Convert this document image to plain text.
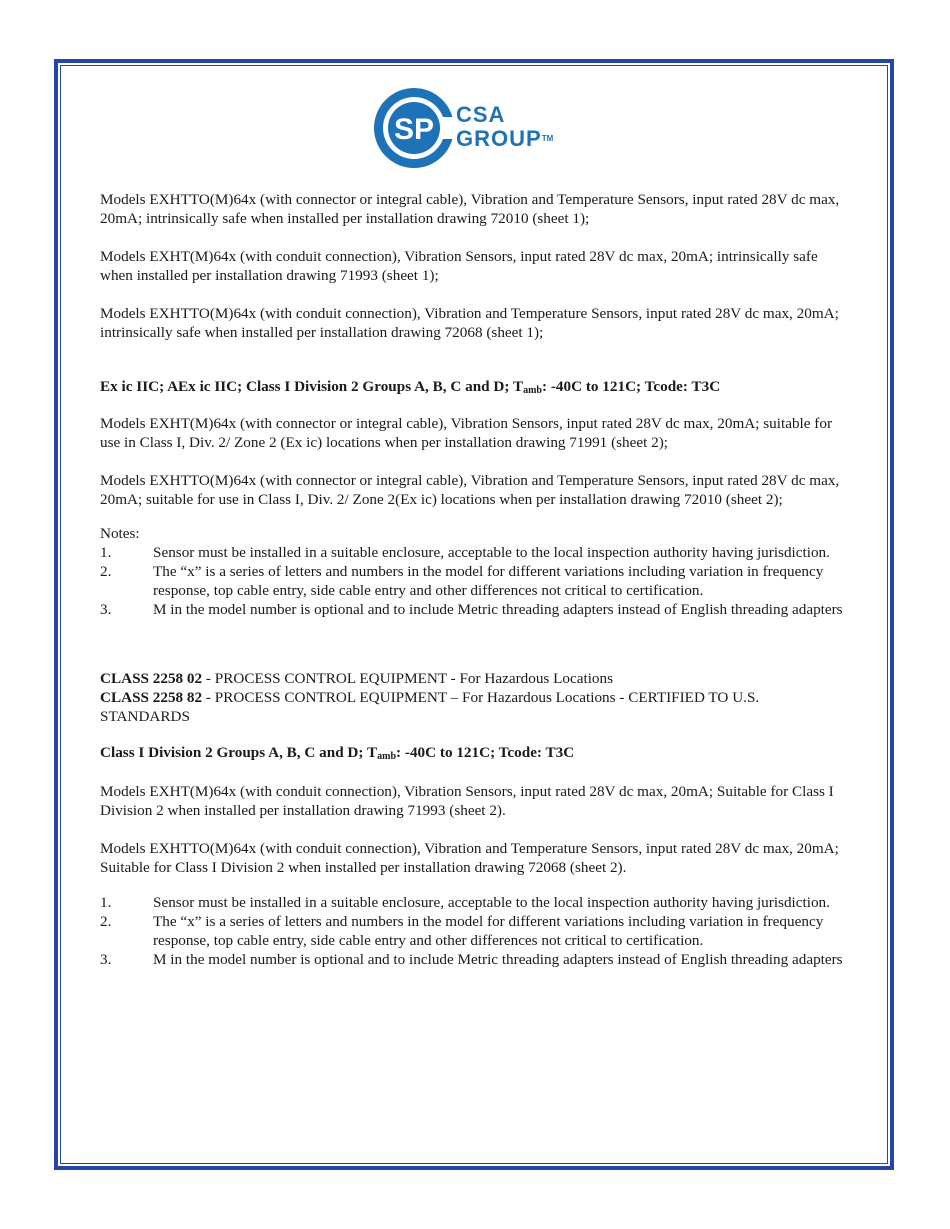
SP CSA
GROUP™

Models EXHTTO(M)64x (with connector or integral cable), Vibration and Temperature Sensors, input rated 28V dc max, 20mA; intrinsically safe when installed per installation drawing 72010 (sheet 1);

Models EXHT(M)64x (with conduit connection), Vibration Sensors, input rated 28V dc max, 20mA; intrinsically safe when installed per installation drawing 71993 (sheet 1);

Models EXHTTO(M)64x (with conduit connection), Vibration and Temperature Sensors, input rated 28V dc max, 20mA; intrinsically safe when installed per installation drawing 72068 (sheet 1);

Ex ic IIC; AEx ic IIC; Class I Division 2 Groups A, B, C and D; $T_{amb}$: -40C to 121C; Tcode: T3C

Models EXHT(M)64x (with connector or integral cable), Vibration Sensors, input rated 28V dc max, 20mA; suitable for use in Class I, Div. 2/ Zone 2 (Ex ic) locations when per installation drawing 71991 (sheet 2);

Models EXHTTO(M)64x (with connector or integral cable), Vibration and Temperature Sensors, input rated 28V dc max, 20mA; suitable for use in Class I, Div. 2/ Zone 2(Ex ic) locations when per installation drawing 72010 (sheet 2);

Notes:

1.	Sensor must be installed in a suitable enclosure, acceptable to the local inspection authority having jurisdiction.
2.	The “x” is a series of letters and numbers in the model for different variations including variation in frequency response, top cable entry, side cable entry and other differences not critical to certification.
3.	M in the model number is optional and to include Metric threading adapters instead of English threading adapters

CLASS 2258 02 - PROCESS CONTROL EQUIPMENT - For Hazardous Locations

CLASS 2258 82 - PROCESS CONTROL EQUIPMENT – For Hazardous Locations - CERTIFIED TO U.S. STANDARDS

Class I Division 2 Groups A, B, C and D; $T_{amb}$: -40C to 121C; Tcode: T3C

Models EXHT(M)64x (with conduit connection), Vibration Sensors, input rated 28V dc max, 20mA; Suitable for Class I Division 2 when installed per installation drawing 71993 (sheet 2).

Models EXHTTO(M)64x (with conduit connection), Vibration and Temperature Sensors, input rated 28V dc max, 20mA; Suitable for Class I Division 2 when installed per installation drawing 72068 (sheet 2).

1.	Sensor must be installed in a suitable enclosure, acceptable to the local inspection authority having jurisdiction.
2.	The “x” is a series of letters and numbers in the model for different variations including variation in frequency response, top cable entry, side cable entry and other differences not critical to certification.
3.	M in the model number is optional and to include Metric threading adapters instead of English threading adapters
